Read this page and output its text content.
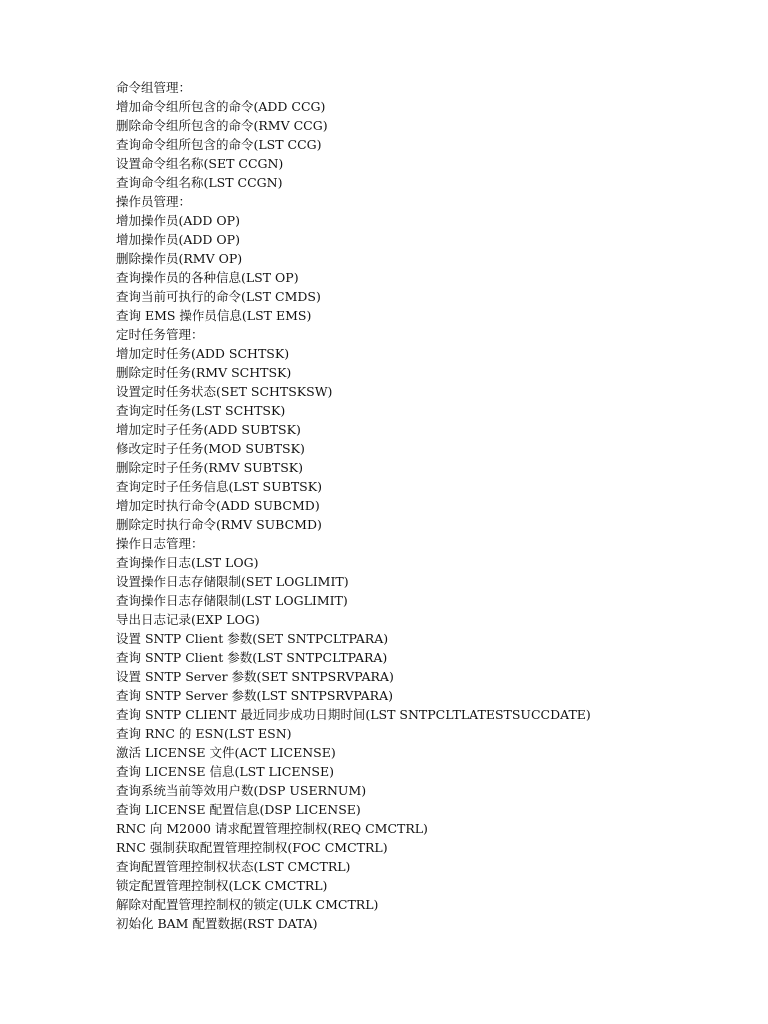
命令组管理：
增加命令组所包含的命令(ADD CCG)
删除命令组所包含的命令(RMV CCG)
查询命令组所包含的命令(LST CCG)
设置命令组名称(SET CCGN)
查询命令组名称(LST CCGN)
操作员管理：
增加操作员(ADD OP)
增加操作员(ADD OP)
删除操作员(RMV OP)
查询操作员的各种信息(LST OP)
查询当前可执行的命令(LST CMDS)
查询 EMS 操作员信息(LST EMS)
定时任务管理：
增加定时任务(ADD SCHTSK)
删除定时任务(RMV SCHTSK)
设置定时任务状态(SET SCHTSKSW)
查询定时任务(LST SCHTSK)
增加定时子任务(ADD SUBTSK)
修改定时子任务(MOD SUBTSK)
删除定时子任务(RMV SUBTSK)
查询定时子任务信息(LST SUBTSK)
增加定时执行命令(ADD SUBCMD)
删除定时执行命令(RMV SUBCMD)
操作日志管理：
查询操作日志(LST LOG)
设置操作日志存储限制(SET LOGLIMIT)
查询操作日志存储限制(LST LOGLIMIT)
导出日志记录(EXP LOG)
设置 SNTP Client 参数(SET SNTPCLTPARA)
查询 SNTP Client 参数(LST SNTPCLTPARA)
设置 SNTP Server 参数(SET SNTPSRVPARA)
查询 SNTP Server 参数(LST SNTPSRVPARA)
查询 SNTP CLIENT 最近同步成功日期时间(LST SNTPCLTLATESTSUCCDATE)
查询 RNC 的 ESN(LST ESN)
激活 LICENSE 文件(ACT LICENSE)
查询 LICENSE 信息(LST LICENSE)
查询系统当前等效用户数(DSP USERNUM)
查询 LICENSE 配置信息(DSP LICENSE)
RNC 向 M2000 请求配置管理控制权(REQ CMCTRL)
RNC 强制获取配置管理控制权(FOC CMCTRL)
查询配置管理控制权状态(LST CMCTRL)
锁定配置管理控制权(LCK CMCTRL)
解除对配置管理控制权的锁定(ULK CMCTRL)
初始化 BAM 配置数据(RST DATA)
